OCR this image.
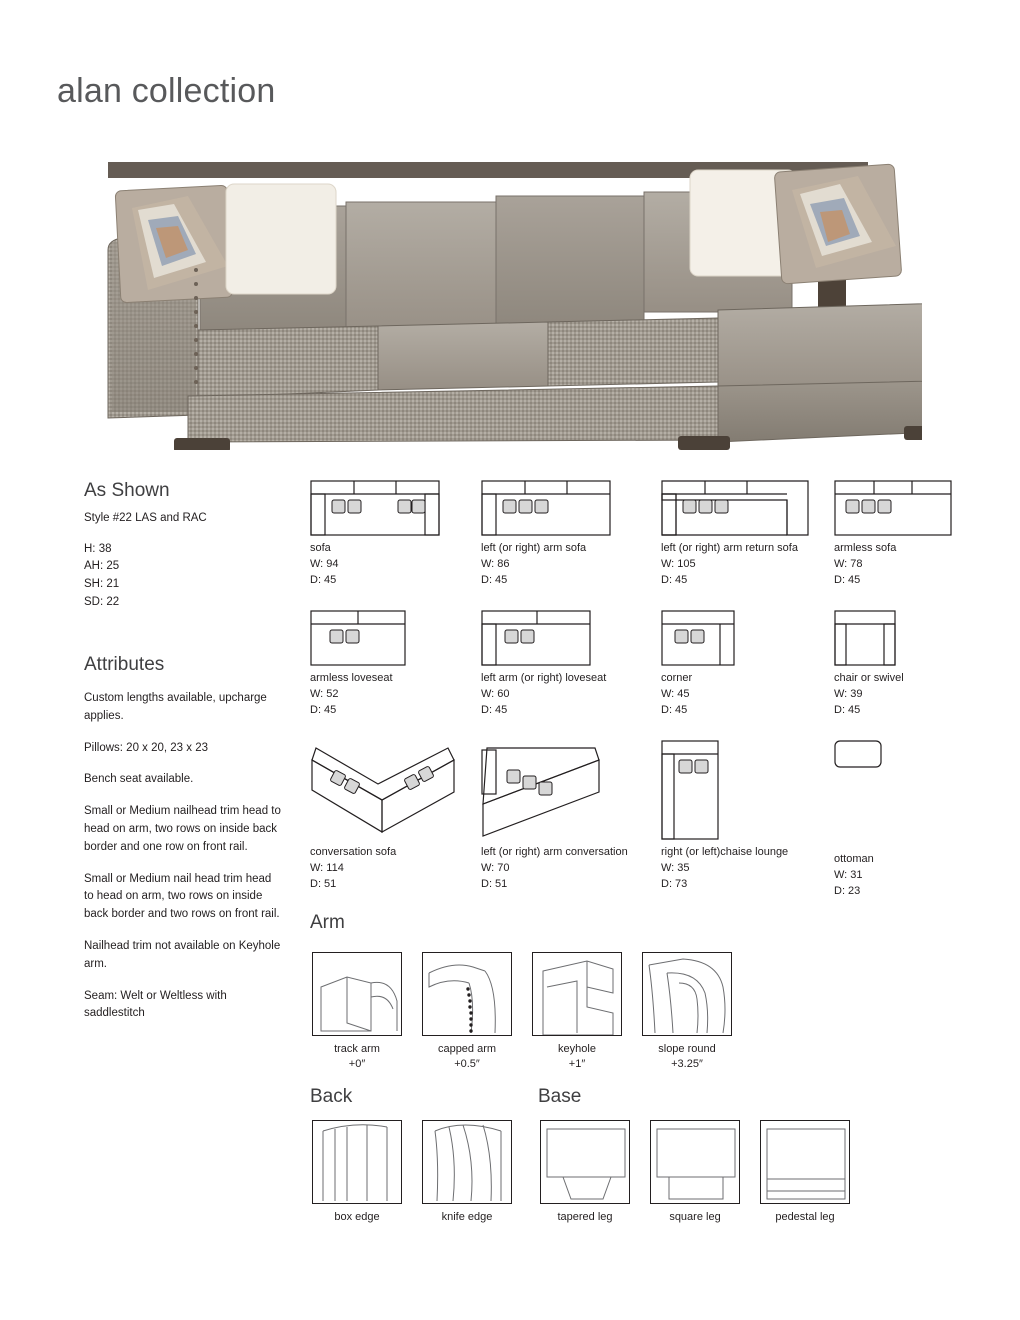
alan collection
As Shown
Style #22 LAS and RAC
H: 38
AH: 25
SH: 21
SD: 22
Attributes
Custom lengths available, upcharge applies.
Pillows: 20 x 20, 23 x 23
Bench seat available.
Small or Medium nailhead trim head to head on arm, two rows on inside back border and one row on front rail.
Small or Medium nail head trim head to head on arm, two rows on inside back border and two rows on front rail.
Nailhead trim not available on Keyhole arm.
Seam: Welt or Weltless with saddlestitch
sofa
W: 94
D: 45
left (or right) arm sofa
W: 86
D: 45
left (or right) arm return sofa
W: 105
D: 45
armless sofa
W: 78
D: 45
armless loveseat
W: 52
D: 45
left arm (or right) loveseat
W: 60
D: 45
corner
W: 45
D: 45
chair or swivel
W: 39
D: 45
conversation sofa
W: 114
D: 51
left (or right) arm conversation
W: 70
D: 51
right (or left)chaise lounge
W: 35
D: 73
ottoman
W: 31
D: 23
Arm
track arm
+0″
capped arm
+0.5″
keyhole
+1″
slope round
+3.25″
Back
box edge	knife edge
Base
tapered leg	square leg	pedestal leg
